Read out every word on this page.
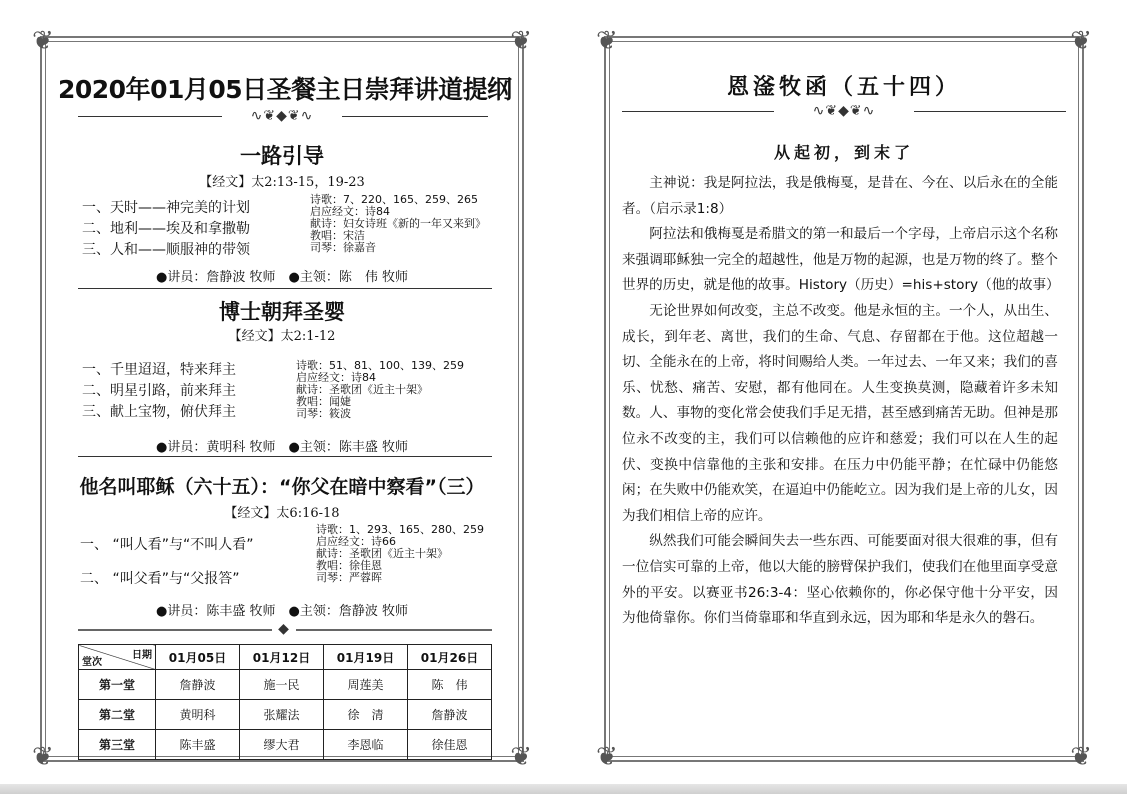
❦	❦
❦	❦
2020年01月05日圣餐主日崇拜讲道提纲
∿❦◆❦∿
一路引导
【经文】太2:13-15，19-23
一、天时——神完美的计划
二、地利——埃及和拿撒勒
三、人和——顺服神的带领
诗歌：7、220、165、259、265
启应经文：诗84
献诗：妇女诗班《新的一年又来到》
教唱：宋洁
司琴：徐嘉音
●讲员：詹静波 牧师　●主领：陈　伟 牧师
博士朝拜圣婴
【经文】太2:1-12
一、千里迢迢，特来拜主
二、明星引路，前来拜主
三、献上宝物，俯伏拜主
诗歌：51、81、100、139、259
启应经文：诗84
献诗：圣歌团《近主十架》
教唱：闻婕
司琴：筱波
●讲员：黄明科 牧师　●主领：陈丰盛 牧师
他名叫耶稣（六十五）：“你父在暗中察看”（三）
【经文】太6:16-18
一、 “叫人看”与“不叫人看”
二、 “叫父看”与“父报答”
诗歌：1、293、165、280、259
启应经文：诗66
献诗：圣歌团《近主十架》
教唱：徐佳恩
司琴：严蓉晖
●讲员：陈丰盛 牧师　●主领：詹静波 牧师
◆
日期
堂次	01月05日	01月12日	01月19日	01月26日
第一堂	詹静波	施一民	周莲美	陈　伟
第二堂	黄明科	张耀法	徐　清	詹静波
第三堂	陈丰盛	缪大君	李恩临	徐佳恩
❦	❦
❦	❦
恩滏牧函（五十四）
∿❦◆❦∿
从起初，到末了

主神说：我是阿拉法，我是俄梅戛，是昔在、今在、以后永在的全能者。（启示录1:8）

阿拉法和俄梅戛是希腊文的第一和最后一个字母，上帝启示这个名称来强调耶稣独一完全的超越性，他是万物的起源，也是万物的终了。整个世界的历史，就是他的故事。History（历史）=his+story（他的故事）

无论世界如何改变，主总不改变。他是永恒的主。一个人，从出生、成长，到年老、离世，我们的生命、气息、存留都在于他。这位超越一切、全能永在的上帝，将时间赐给人类。一年过去、一年又来；我们的喜乐、忧愁、痛苦、安慰，都有他同在。人生变换莫测，隐藏着许多未知数。人、事物的变化常会使我们手足无措，甚至感到痛苦无助。但神是那位永不改变的主，我们可以信赖他的应许和慈爱；我们可以在人生的起伏、变换中信靠他的主张和安排。在压力中仍能平静；在忙碌中仍能悠闲；在失败中仍能欢笑，在逼迫中仍能屹立。因为我们是上帝的儿女，因为我们相信上帝的应许。

纵然我们可能会瞬间失去一些东西、可能要面对很大很难的事，但有一位信实可靠的上帝，他以大能的膀臂保护我们，使我们在他里面享受意外的平安。以赛亚书26:3-4：坚心依赖你的，你必保守他十分平安，因为他倚靠你。你们当倚靠耶和华直到永远，因为耶和华是永久的磐石。
